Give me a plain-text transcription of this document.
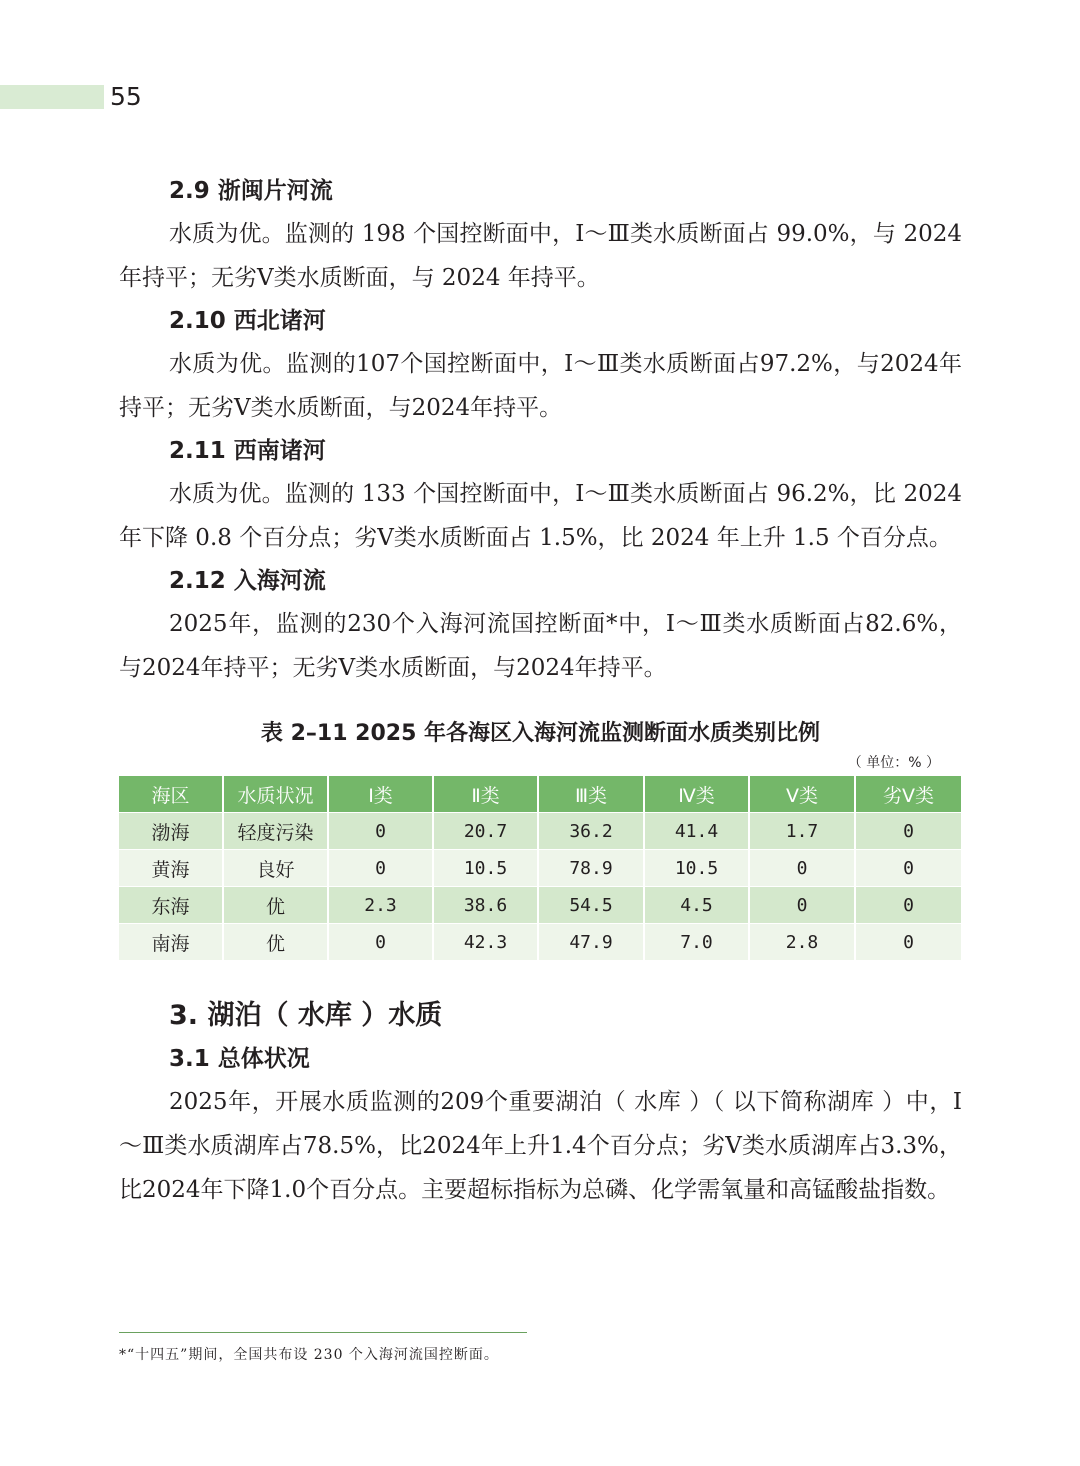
55
2.9 浙闽片河流

水质为优。监测的 198 个国控断面中，Ⅰ～Ⅲ类水质断面占 99.0%，与 2024 年持平；无劣Ⅴ类水质断面，与 2024 年持平。

2.10 西北诸河

水质为优。监测的107个国控断面中，Ⅰ～Ⅲ类水质断面占97.2%，与2024年持平；无劣Ⅴ类水质断面，与2024年持平。

2.11 西南诸河

水质为优。监测的 133 个国控断面中，Ⅰ～Ⅲ类水质断面占 96.2%，比 2024 年下降 0.8 个百分点；劣Ⅴ类水质断面占 1.5%，比 2024 年上升 1.5 个百分点。

2.12 入海河流

2025年，监测的230个入海河流国控断面*中，Ⅰ～Ⅲ类水质断面占82.6%，与2024年持平；无劣Ⅴ类水质断面，与2024年持平。

表 2–11 2025 年各海区入海河流监测断面水质类别比例
（ 单位：% ）
海区	水质状况	Ⅰ类	Ⅱ类	Ⅲ类	Ⅳ类	Ⅴ类	劣Ⅴ类
渤海	轻度污染	0	20.7	36.2	41.4	1.7	0
黄海	良好	0	10.5	78.9	10.5	0	0
东海	优	2.3	38.6	54.5	4.5	0	0
南海	优	0	42.3	47.9	7.0	2.8	0
3. 湖泊（ 水库 ）水质
3.1 总体状况

2025年，开展水质监测的209个重要湖泊（ 水库 ）（ 以下简称湖库 ）中，Ⅰ～Ⅲ类水质湖库占78.5%，比2024年上升1.4个百分点；劣Ⅴ类水质湖库占3.3%，比2024年下降1.0个百分点。主要超标指标为总磷、化学需氧量和高锰酸盐指数。

*“十四五”期间，全国共布设 230 个入海河流国控断面。
